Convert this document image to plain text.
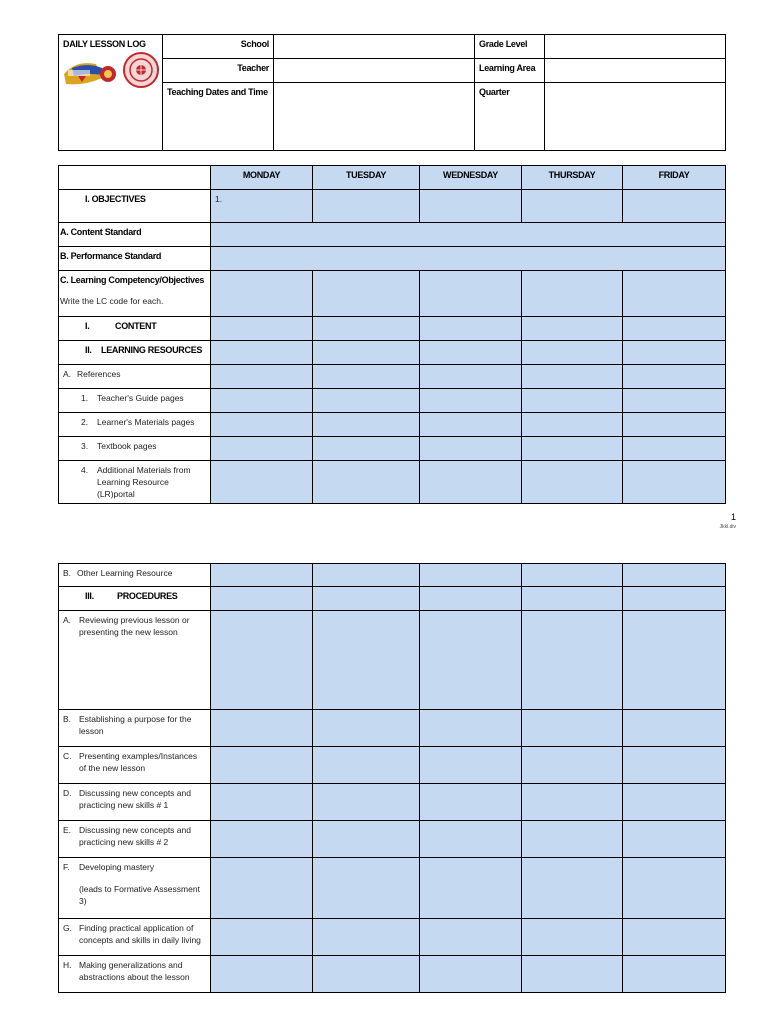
DAILY LESSON LOG	School		Grade Level	
	Teacher		Learning Area	
	Teaching Dates and Time		Quarter	
	MONDAY	TUESDAY	WEDNESDAY	THURSDAY	FRIDAY
I. OBJECTIVES	1.				
A. Content Standard					
B. Performance Standard					

C. Learning Competency/Objectives
Write the LC code for each.					

I. CONTENT					
II. LEARNING RESOURCES					
A. References					
1. Teacher's Guide pages					
2. Learner's Materials pages					
3. Textbook pages					

4. Additional Materials from Learning Resource (LR)portal					

1
Jkkl.div
B. Other Learning Resource					
III. PROCEDURES					

A. Reviewing previous lesson or presenting the new lesson					

B. Establishing a purpose for the lesson					

C. Presenting examples/Instances of the new lesson					

D. Discussing new concepts and practicing new skills # 1					

E. Discussing new concepts and practicing new skills # 2					

F. Developing mastery
(leads to Formative Assessment 3)					

G. Finding practical application of concepts and skills in daily living					

H. Making generalizations and abstractions about the lesson					
